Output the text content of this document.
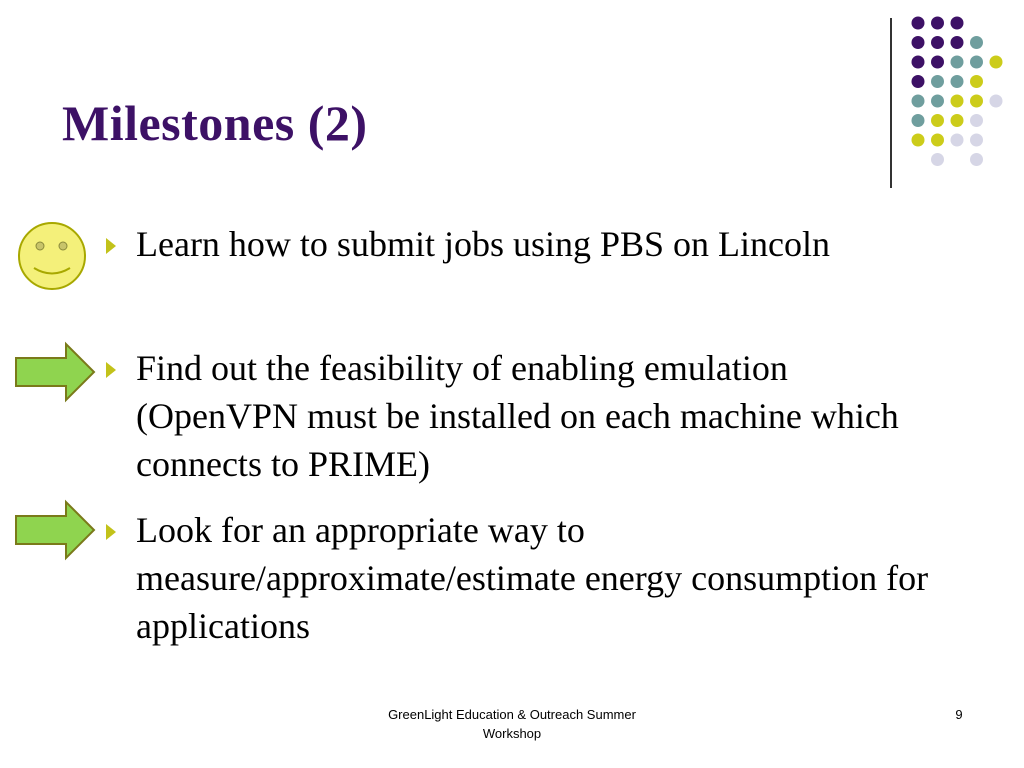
Milestones (2)

Learn how to submit jobs using PBS on Lincoln

Find out the feasibility of enabling emulation (OpenVPN must be installed on each machine which connects to PRIME)

Look for an appropriate way to measure/approximate/estimate energy consumption for applications

GreenLight Education & Outreach Summer Workshop
9
